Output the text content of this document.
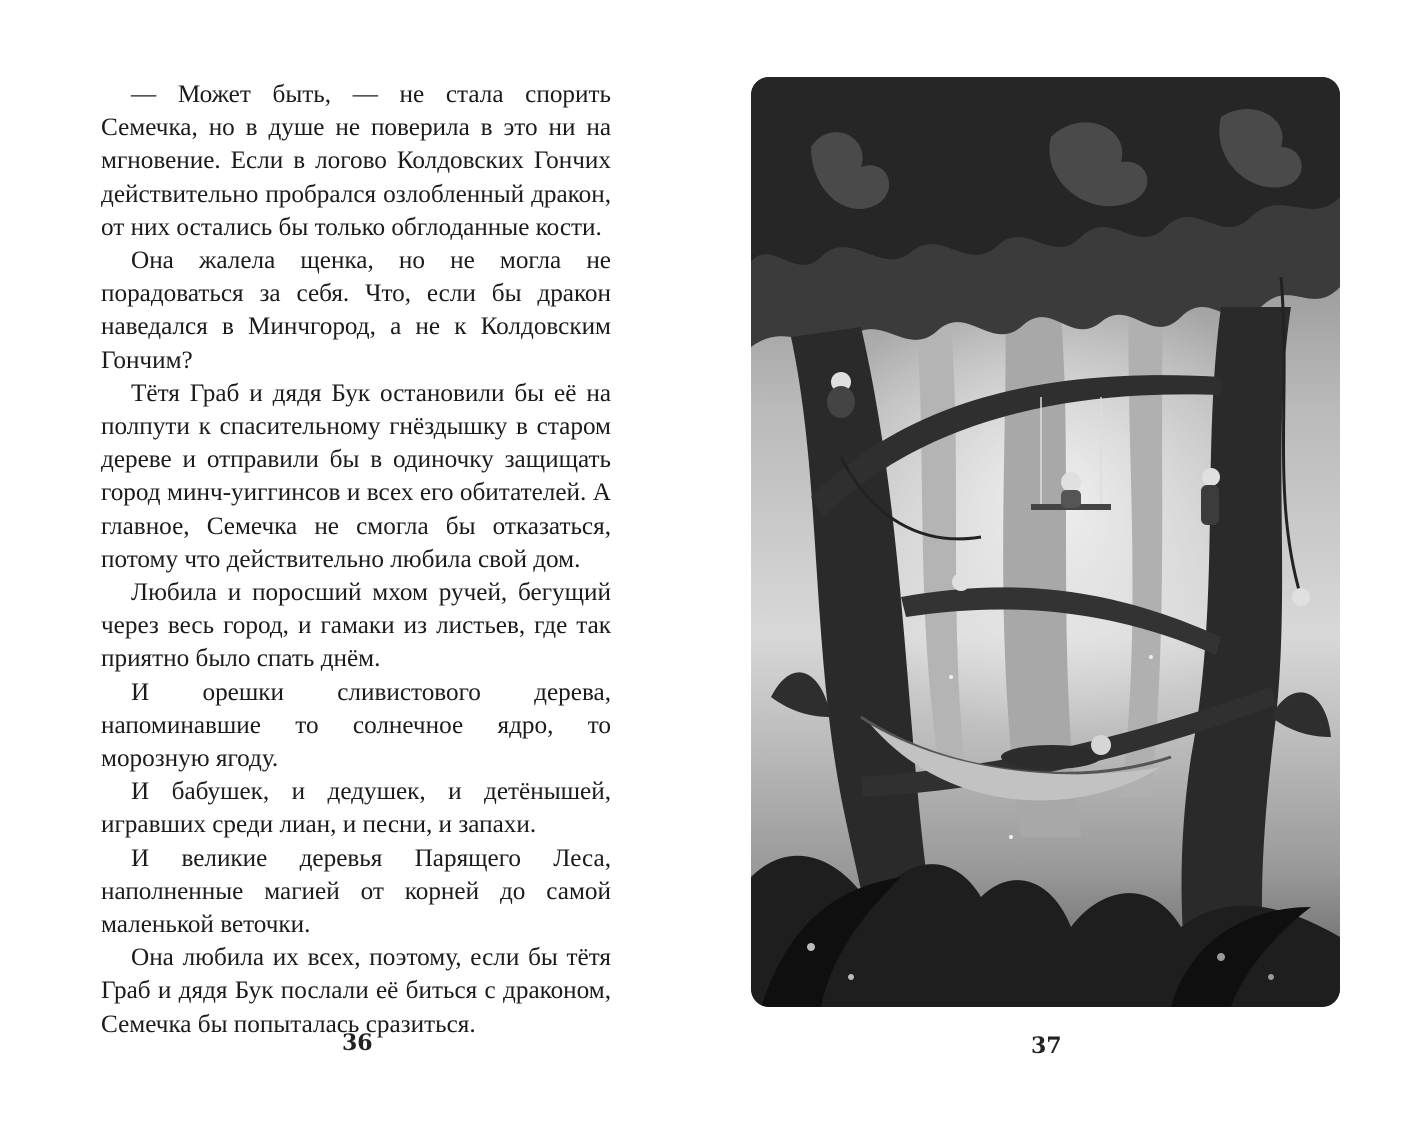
— Может быть, — не стала спорить Семечка, но в душе не поверила в это ни на мгновение. Если в логово Колдовских Гончих действительно пробрался озлобленный дракон, от них остались бы только обглоданные кости.

Она жалела щенка, но не могла не порадоваться за себя. Что, если бы дракон наведался в Минчгород, а не к Колдовским Гончим?

Тётя Граб и дядя Бук остановили бы её на полпути к спасительному гнёздышку в старом дереве и отправили бы в одиночку защищать город минч-уиггинсов и всех его обитателей. А главное, Семечка не смогла бы отказаться, потому что действительно любила свой дом.

Любила и поросший мхом ручей, бегущий через весь город, и гамаки из листьев, где так приятно было спать днём.

И орешки сливистового дерева, напоминавшие то солнечное ядро, то морозную ягоду.

И бабушек, и дедушек, и детёнышей, игравших среди лиан, и песни, и запахи.

И великие деревья Парящего Леса, наполненные магией от корней до самой маленькой веточки.

Она любила их всех, поэтому, если бы тётя Граб и дядя Бук послали её биться с драконом, Семечка бы попыталась сразиться.

36	37
